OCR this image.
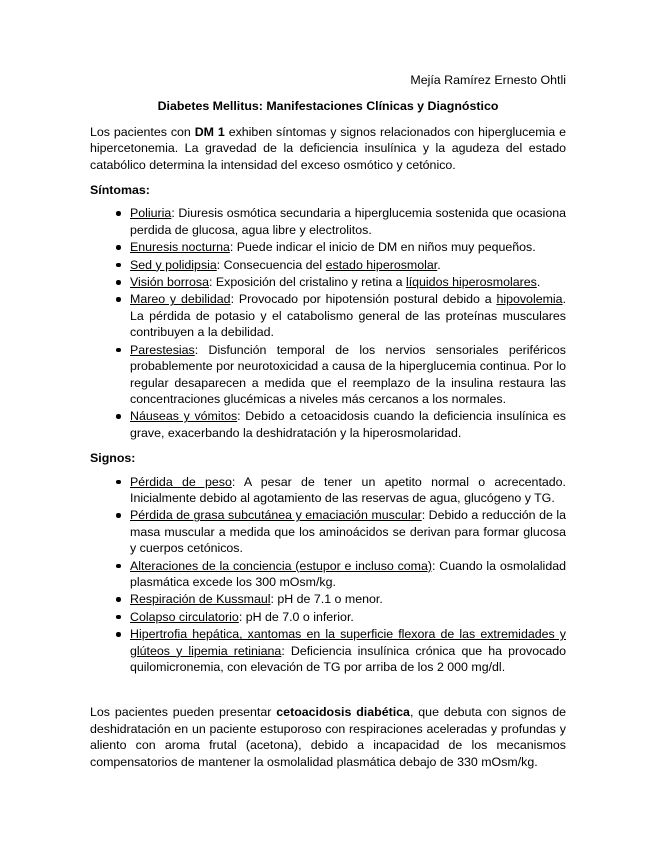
Mejía Ramírez Ernesto Ohtli

Diabetes Mellitus: Manifestaciones Clínicas y Diagnóstico

Los pacientes con DM 1 exhiben síntomas y signos relacionados con hiperglucemia e hipercetonemia. La gravedad de la deficiencia insulínica y la agudeza del estado catabólico determina la intensidad del exceso osmótico y cetónico.

Síntomas:

Poliuria: Diuresis osmótica secundaria a hiperglucemia sostenida que ocasiona perdida de glucosa, agua libre y electrolitos.
Enuresis nocturna: Puede indicar el inicio de DM en niños muy pequeños.
Sed y polidipsia: Consecuencia del estado hiperosmolar.
Visión borrosa: Exposición del cristalino y retina a líquidos hiperosmolares.
Mareo y debilidad: Provocado por hipotensión postural debido a hipovolemia. La pérdida de potasio y el catabolismo general de las proteínas musculares contribuyen a la debilidad.
Parestesias: Disfunción temporal de los nervios sensoriales periféricos probablemente por neurotoxicidad a causa de la hiperglucemia continua. Por lo regular desaparecen a medida que el reemplazo de la insulina restaura las concentraciones glucémicas a niveles más cercanos a los normales.
Náuseas y vómitos: Debido a cetoacidosis cuando la deficiencia insulínica es grave, exacerbando la deshidratación y la hiperosmolaridad.

Signos:

Pérdida de peso: A pesar de tener un apetito normal o acrecentado. Inicialmente debido al agotamiento de las reservas de agua, glucógeno y TG.
Pérdida de grasa subcutánea y emaciación muscular: Debido a reducción de la masa muscular a medida que los aminoácidos se derivan para formar glucosa y cuerpos cetónicos.
Alteraciones de la conciencia (estupor e incluso coma): Cuando la osmolalidad plasmática excede los 300 mOsm/kg.
Respiración de Kussmaul: pH de 7.1 o menor.
Colapso circulatorio: pH de 7.0 o inferior.
Hipertrofia hepática, xantomas en la superficie flexora de las extremidades y glúteos y lipemia retiniana: Deficiencia insulínica crónica que ha provocado quilomicronemia, con elevación de TG por arriba de los 2 000 mg/dl.

Los pacientes pueden presentar cetoacidosis diabética, que debuta con signos de deshidratación en un paciente estuporoso con respiraciones aceleradas y profundas y aliento con aroma frutal (acetona), debido a incapacidad de los mecanismos compensatorios de mantener la osmolalidad plasmática debajo de 330 mOsm/kg.
